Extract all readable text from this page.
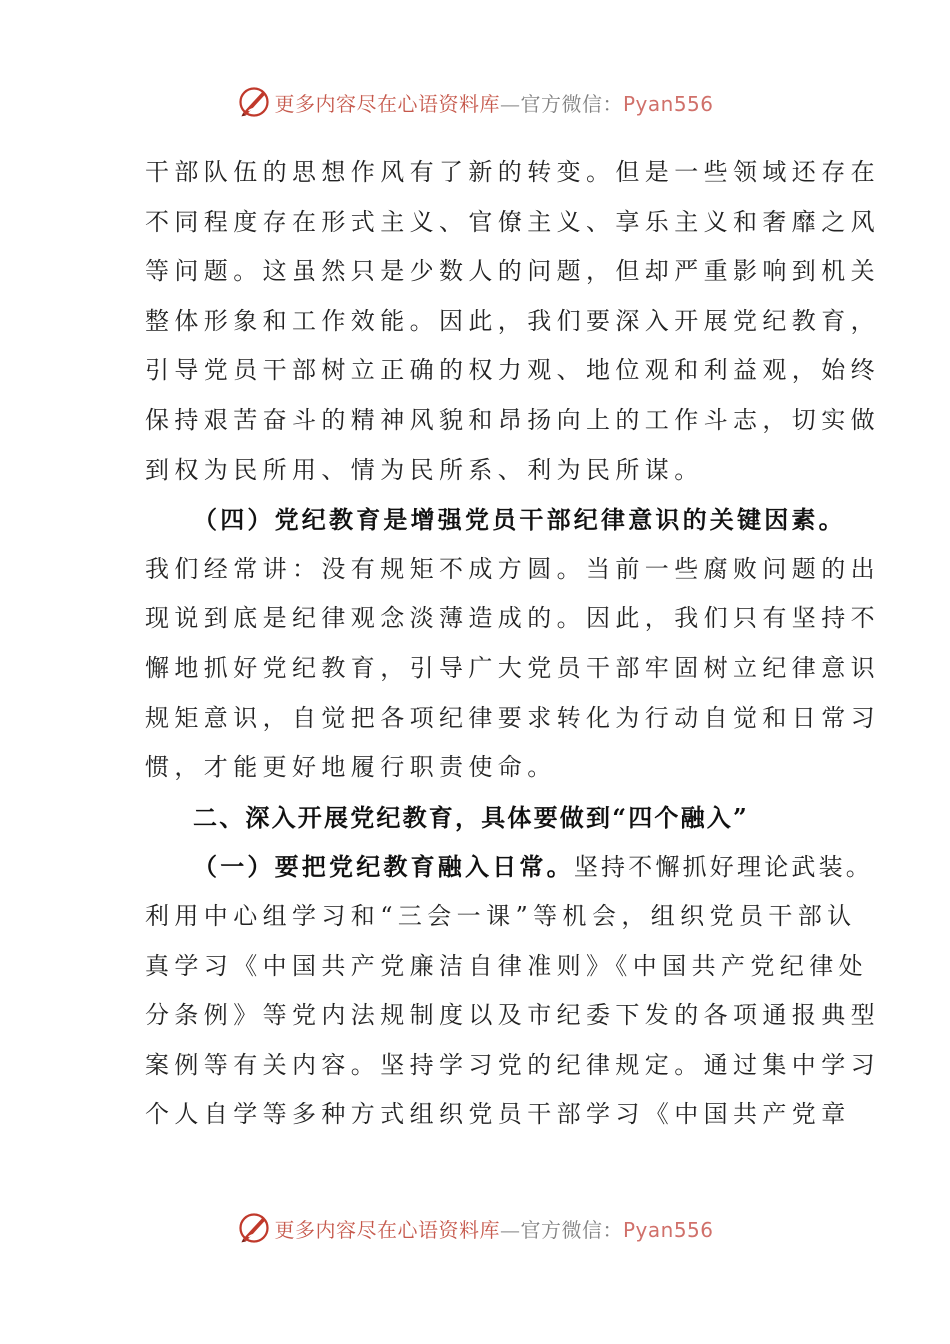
更多内容尽在心语资料库—官方微信：Pyan556
干部队伍的思想作风有了新的转变。但是一些领域还存在
不同程度存在形式主义、官僚主义、享乐主义和奢靡之风
等问题。这虽然只是少数人的问题，但却严重影响到机关
整体形象和工作效能。因此，我们要深入开展党纪教育，
引导党员干部树立正确的权力观、地位观和利益观，始终
保持艰苦奋斗的精神风貌和昂扬向上的工作斗志，切实做
到权为民所用、情为民所系、利为民所谋。
（四）党纪教育是增强党员干部纪律意识的关键因素。
我们经常讲：没有规矩不成方圆。当前一些腐败问题的出
现说到底是纪律观念淡薄造成的。因此，我们只有坚持不
懈地抓好党纪教育，引导广大党员干部牢固树立纪律意识
规矩意识，自觉把各项纪律要求转化为行动自觉和日常习
惯，才能更好地履行职责使命。
二、深入开展党纪教育，具体要做到“四个融入”
（一）要把党纪教育融入日常。坚持不懈抓好理论武装。
利用中心组学习和“三会一课”等机会，组织党员干部认
真学习《中国共产党廉洁自律准则》《中国共产党纪律处
分条例》等党内法规制度以及市纪委下发的各项通报典型
案例等有关内容。坚持学习党的纪律规定。通过集中学习
个人自学等多种方式组织党员干部学习《中国共产党章
更多内容尽在心语资料库—官方微信：Pyan556
